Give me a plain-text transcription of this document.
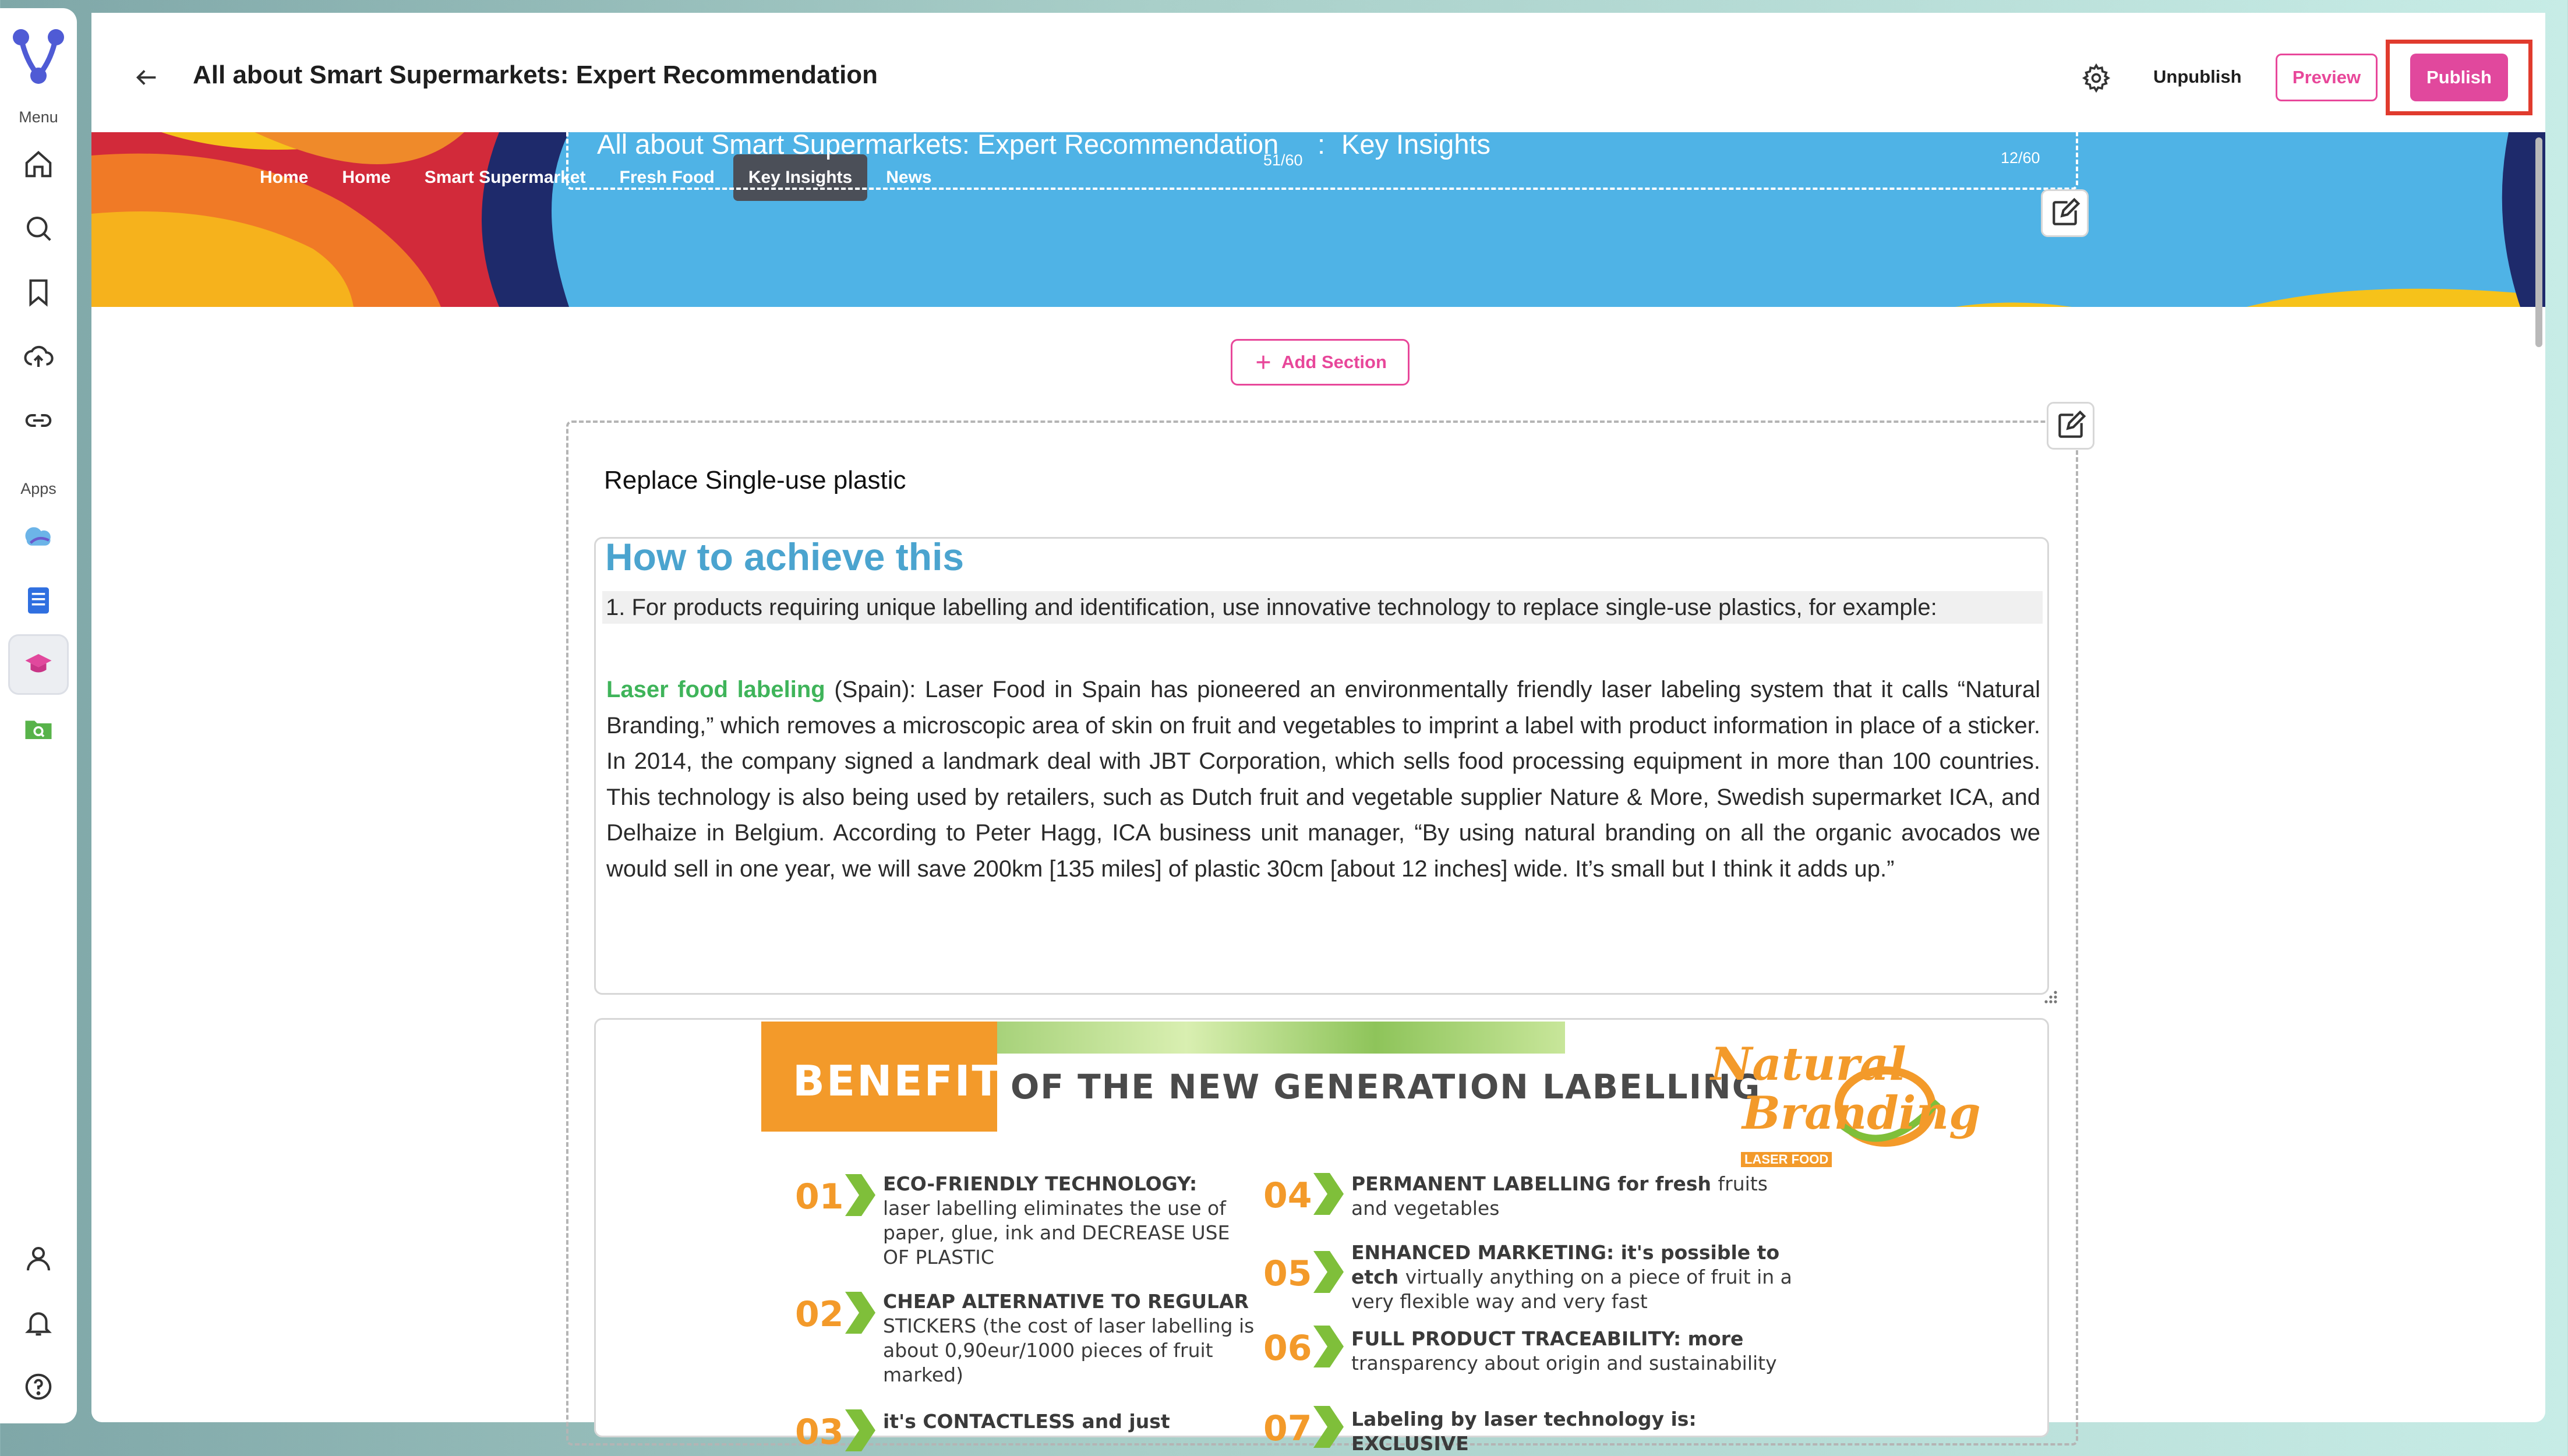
Menu
Apps
All about Smart Supermarkets: Expert Recommendation	Unpublish	Preview	Publish
Home	Home	Smart Supermarket	Fresh Food	Key Insights	News
All about Smart Supermarkets: Expert Recommendation
51/60
: Key Insights	12/60
Add Section
Replace Single-use plastic
How to achieve this
1. For products requiring unique labelling and identification, use innovative technology to replace single-use plastics, for example:
Laser food labeling (Spain): Laser Food in Spain has pioneered an environmentally friendly laser labeling system that it calls “Natural Branding,” which removes a microscopic area of skin on fruit and vegetables to imprint a label with product information in place of a sticker. In 2014, the company signed a landmark deal with JBT Corporation, which sells food processing equipment in more than 100 countries. This technology is also being used by retailers, such as Dutch fruit and vegetable supplier Nature & More, Swedish supermarket ICA, and Delhaize in Belgium. According to Peter Hagg, ICA business unit manager, “By using natural branding on all the organic avocados we would sell in one year, we will save 200km [135 miles] of plastic 30cm [about 12 inches] wide. It’s small but I think it adds up.”
BENEFITS
OF THE NEW GENERATION LABELLING
Natural
Branding
LASER FOOD
01 ECO-FRIENDLY TECHNOLOGY: laser labelling eliminates the use of paper, glue, ink and DECREASE USE OF PLASTIC
02 CHEAP ALTERNATIVE TO REGULAR STICKERS (the cost of laser labelling is about 0,90eur/1000 pieces of fruit marked)
03 it's CONTACTLESS and just
04 PERMANENT LABELLING for fresh fruits and vegetables
05
ENHANCED MARKETING: it's possible to etch virtually anything on a piece of fruit in a very flexible way and very fast
06 FULL PRODUCT TRACEABILITY: more transparency about origin and sustainability
07 Labeling by laser technology is: EXCLUSIVE
